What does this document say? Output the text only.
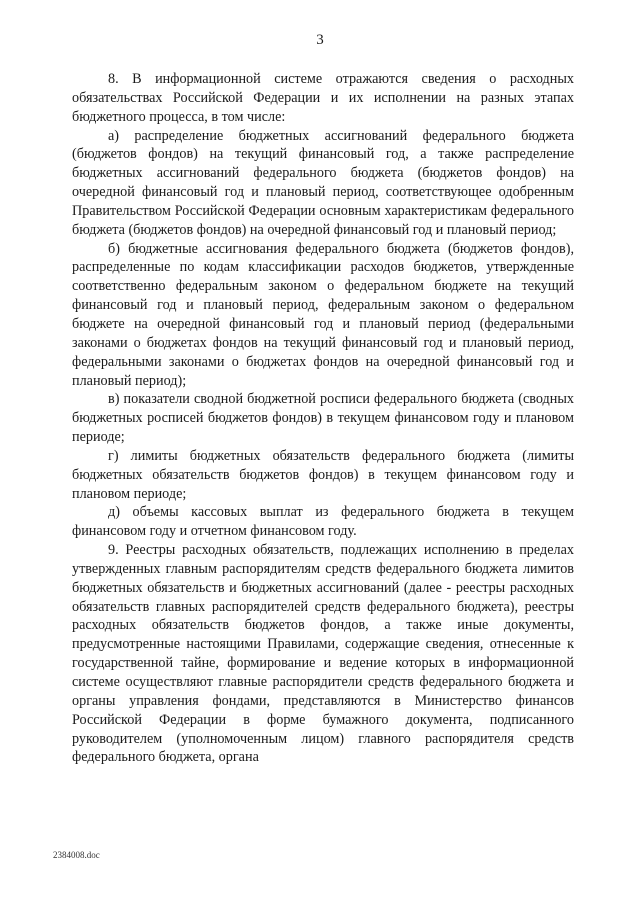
3

8. В информационной системе отражаются сведения о расходных обязательствах Российской Федерации и их исполнении на разных этапах бюджетного процесса, в том числе:

а) распределение бюджетных ассигнований федерального бюджета (бюджетов фондов) на текущий финансовый год, а также распределение бюджетных ассигнований федерального бюджета (бюджетов фондов) на очередной финансовый год и плановый период, соответствующее одобренным Правительством Российской Федерации основным характеристикам федерального бюджета (бюджетов фондов) на очередной финансовый год и плановый период;

б) бюджетные ассигнования федерального бюджета (бюджетов фондов), распределенные по кодам классификации расходов бюджетов, утвержденные соответственно федеральным законом о федеральном бюджете на текущий финансовый год и плановый период, федеральным законом о федеральном бюджете на очередной финансовый год и плановый период (федеральными законами о бюджетах фондов на текущий финансовый год и плановый период, федеральными законами о бюджетах фондов на очередной финансовый год и плановый период);

в) показатели сводной бюджетной росписи федерального бюджета (сводных бюджетных росписей бюджетов фондов) в текущем финансовом году и плановом периоде;

г) лимиты бюджетных обязательств федерального бюджета (лимиты бюджетных обязательств бюджетов фондов) в текущем финансовом году и плановом периоде;

д) объемы кассовых выплат из федерального бюджета в текущем финансовом году и отчетном финансовом году.

9. Реестры расходных обязательств, подлежащих исполнению в пределах утвержденных главным распорядителям средств федерального бюджета лимитов бюджетных обязательств и бюджетных ассигнований (далее - реестры расходных обязательств главных распорядителей средств федерального бюджета), реестры расходных обязательств бюджетов фондов, а также иные документы, предусмотренные настоящими Правилами, содержащие сведения, отнесенные к государственной тайне, формирование и ведение которых в информационной системе осуществляют главные распорядители средств федерального бюджета и органы управления фондами, представляются в Министерство финансов Российской Федерации в форме бумажного документа, подписанного руководителем (уполномоченным лицом) главного распорядителя средств федерального бюджета, органа

2384008.doc
